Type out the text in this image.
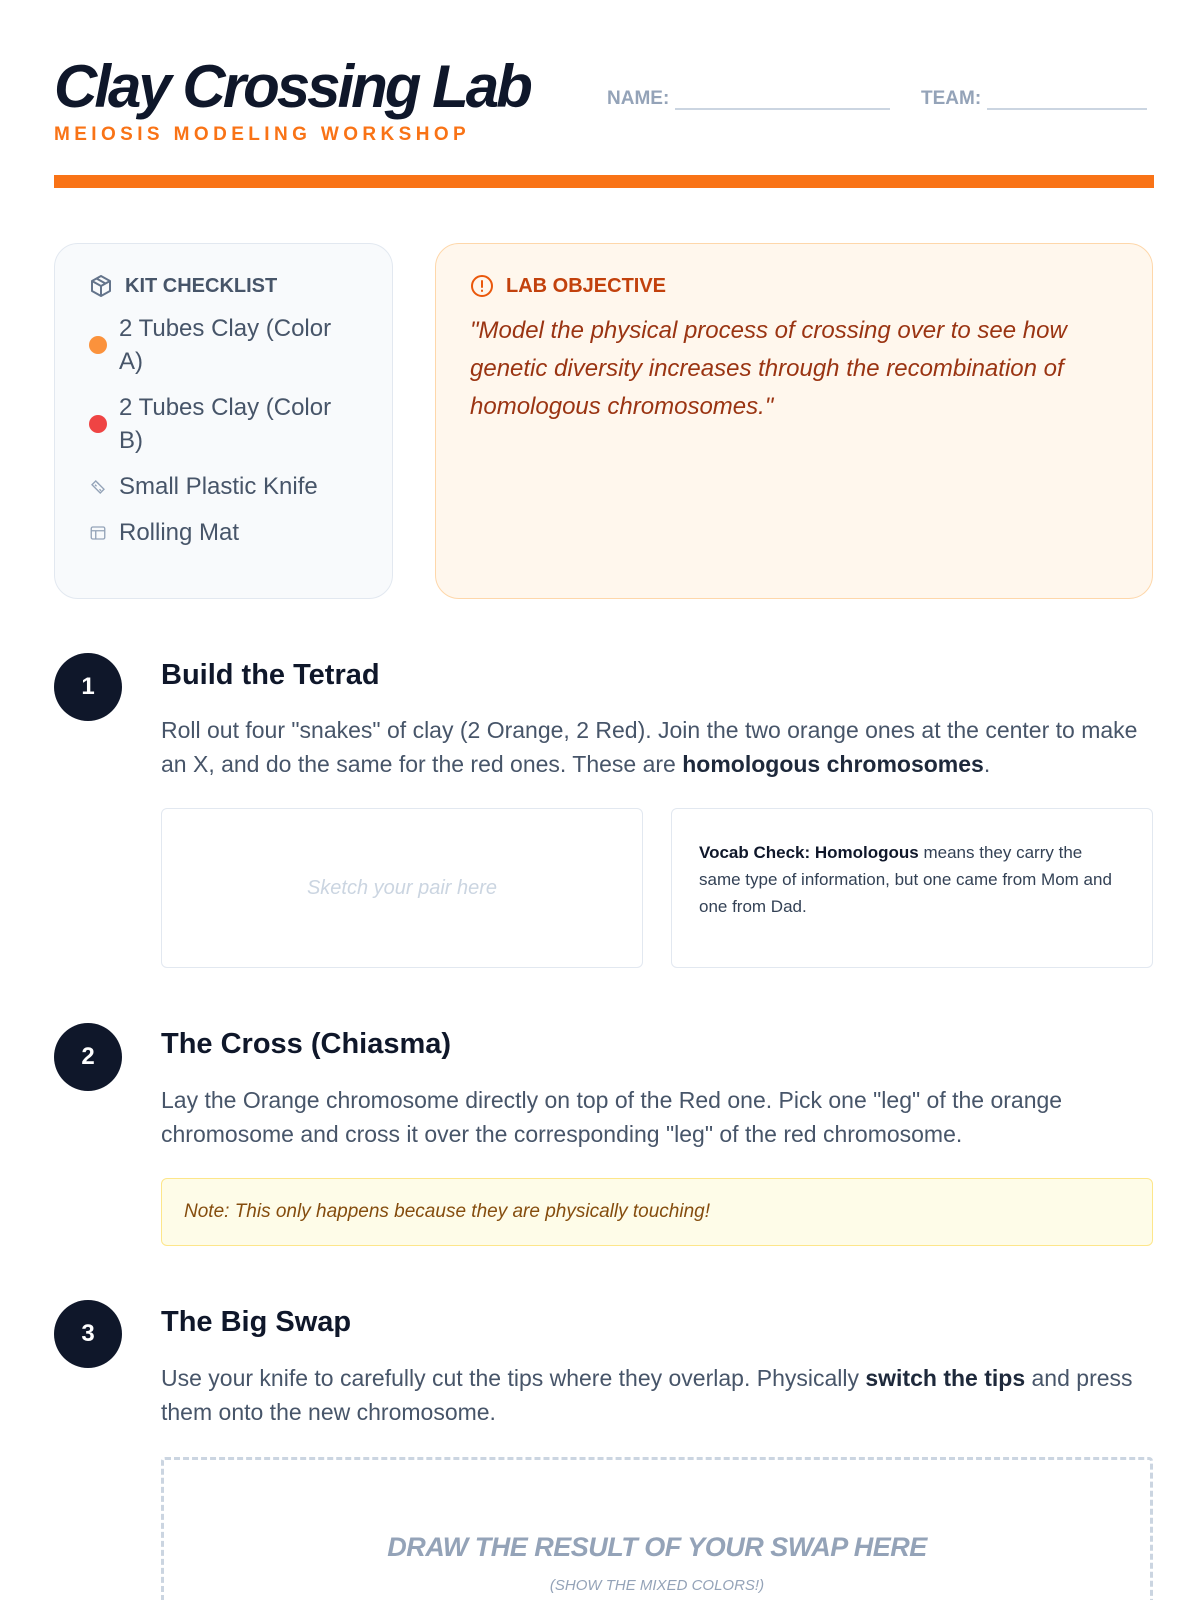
Clay Crossing Lab
MEIOSIS MODELING WORKSHOP
NAME:	TEAM:
KIT CHECKLIST
2 Tubes Clay (Color A)
2 Tubes Clay (Color B)
Small Plastic Knife
Rolling Mat
LAB OBJECTIVE
"Model the physical process of crossing over to see how genetic diversity increases through the recombination of homologous chromosomes."
1	Build the Tetrad
Roll out four "snakes" of clay (2 Orange, 2 Red). Join the two orange ones at the center to make an X, and do the same for the red ones. These are homologous chromosomes.
Sketch your pair here
Vocab Check: Homologous means they carry the same type of information, but one came from Mom and one from Dad.
2	The Cross (Chiasma)
Lay the Orange chromosome directly on top of the Red one. Pick one "leg" of the orange chromosome and cross it over the corresponding "leg" of the red chromosome.
Note: This only happens because they are physically touching!
3	The Big Swap
Use your knife to carefully cut the tips where they overlap. Physically switch the tips and press them onto the new chromosome.
DRAW THE RESULT OF YOUR SWAP HERE
(SHOW THE MIXED COLORS!)
